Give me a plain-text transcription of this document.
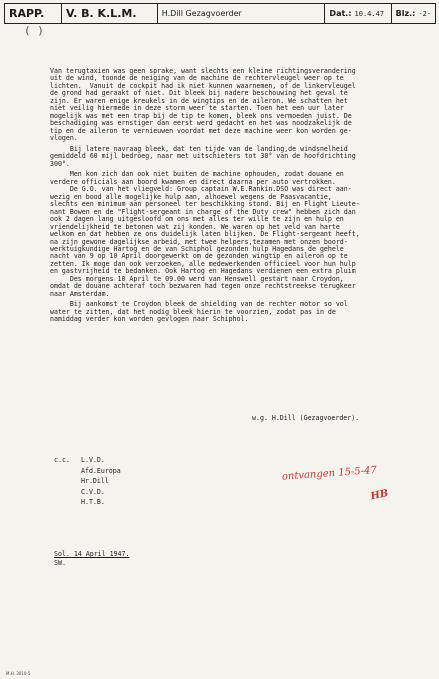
RAPP.	V. B. K.L.M.	H.Dill Gezagvoerder	Dat.: 10.4.47 Blz.: -2-
( )

Van terugtaxien was geen sprake, want slechts een kleine richtingsverandering
uit de wind, toonde de neiging van de machine de rechtervleugel weer op te
lichten.  Vanuit de cockpit had ik niet kunnen waarnemen, of de linkervleugel
de grond had geraakt of niet. Dit bleek bij nadere beschouwing het geval te
zijn. Er waren enige kreukels in de wingtips en de aileron. We schatten het
niet veilig hiermede in deze storm weer te starten. Toen het een uur later
mogelijk was met een trap bij de tip te komen, bleek ons vermoeden juist. De
beschadiging was ernstiger dan eerst werd gedacht en het was noodzakelijk de
tip en de aileron te vernieuwen voordat met deze machine weer kon worden ge-
vlogen.

Bij latere navraag bleek, dat ten tijde van de landing,de windsnelheid
gemiddeld 60 mijl bedroeg, naar met uitschieters tot 30° van de hoofdrichting
300°.

Men kon zich dan ook niet buiten de machine ophouden, zodat douane en
verdere officials aan boord kwamen en direct daarna per auto vertrokken.
De G.O. van het vliegveld: Group captain W.E.Rankin.DSO was direct aan-
wezig en bood alle mogelijke hulp aan, alhoewel wegens de Paasvacantie,
slechts een minimum aan personeel ter beschikking stond. Bij en Flight Lieute-
nant Bowen en de "Flight-sergeant in charge of the Duty crew" hebben zich dan
ook 2 dagen lang uitgesloofd om ons met alles ter wille te zijn en hulp en
vriendelijkheid te betonen wat zij konden. We waren op het veld van harte
welkom en dat hebben ze ons duidelijk laten blijken. De Flight-sergeant heeft,
na zijn gewone dagelijkse arbeid, met twee helpers,tezamen met onzen boord-
werktuigkundige Hartog en de van Schiphol gezonden hulp Hagedans de gehele
nacht van 9 op 10 April doorgewerkt om de gezonden wingtip en aileron op te
zetten. Ik moge dan ook verzoeken, alle medewerkenden officieel voor hun hulp
en gastvrijheid te bedanken. Ook Hartog en Hagedans verdienen een extra pluim
Des morgens 10 April te 09.00 werd van Henswell gestart naar Croydon,
omdat de douane achteraf toch bezwaren had tegen onze rechtstreekse terugkeer
naar Amsterdam.

Bij aankomst te Croydon bleek de shielding van de rechter motor so vol
water te zitten, dat het nodig bleek hierin te voorzien, zodat pas in de
namiddag verder kon worden gevlogen naar Schiphol.

w.g. H.Dill (Gezagvoerder).
c.c.	L.V.D.
Afd.Europa
Hr.Dill
C.V.D.
H.T.B.
ontvangen 15-5-47
HB
Sol. 14 April 1947.
SW.
M.H. 3010-5
